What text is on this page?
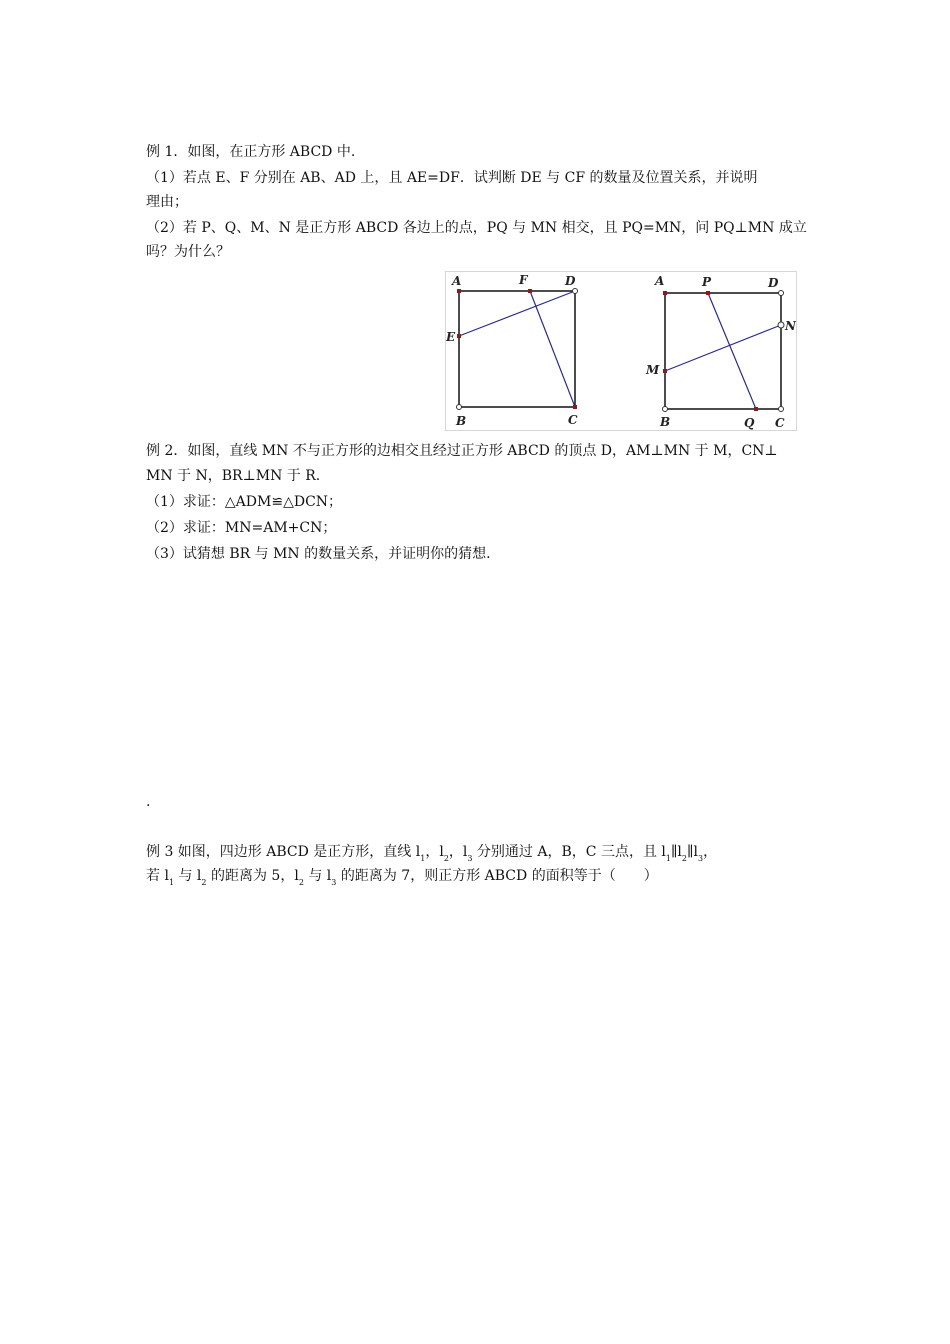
例 1．如图，在正方形 ABCD 中.
（1）若点 E、F 分别在 AB、AD 上，且 AE=DF．试判断 DE 与 CF 的数量及位置关系，并说明
理由；
（2）若 P、Q、M、N 是正方形 ABCD 各边上的点，PQ 与 MN 相交，且 PQ=MN，问 PQ⊥MN 成立
吗？为什么？
A	F	D
E
B	C
A	P	D
N
M
B	Q C
例 2．如图，直线 MN 不与正方形的边相交且经过正方形 ABCD 的顶点 D，AM⊥MN 于 M，CN⊥
MN 于 N，BR⊥MN 于 R.
（1）求证：△ADM≌△DCN；
（2）求证：MN=AM+CN；
（3）试猜想 BR 与 MN 的数量关系，并证明你的猜想.
.
例 3 如图，四边形 ABCD 是正方形，直线 $l_1$，$l_2$，$l_3$ 分别通过 A，B，C 三点，且 $l_1\parallel l_2\parallel l_3$，
若 $l_1$ 与 $l_2$ 的距离为 5，$l_2$ 与 $l_3$ 的距离为 7，则正方形 ABCD 的面积等于（　　）
